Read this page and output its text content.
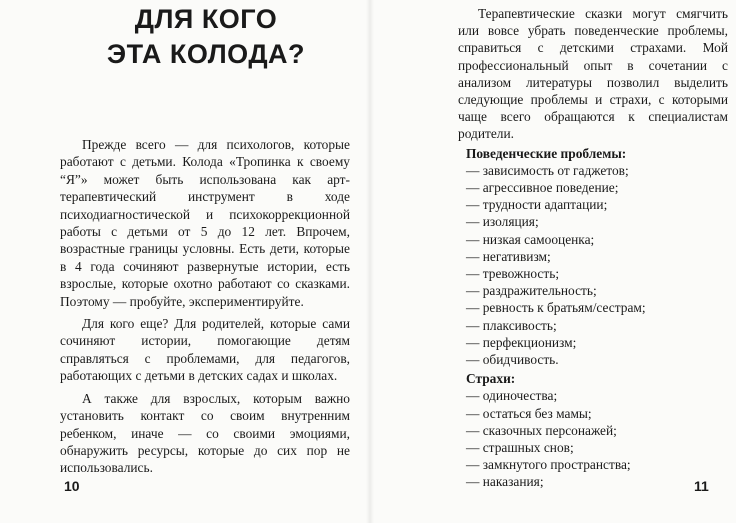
ДЛЯ КОГО
ЭТА КОЛОДА?

Прежде всего — для психологов, которые работают с детьми. Колода «Тропинка к своему “Я”» может быть использована как арт-терапевтический инструмент в ходе психодиагностической и психокоррекционной работы с детьми от 5 до 12 лет. Впрочем, возрастные границы условны. Есть дети, которые в 4 года сочиняют развернутые истории, есть взрослые, которые охотно работают со сказками. Поэтому — пробуйте, экспериментируйте.

Для кого еще? Для родителей, которые сами сочиняют истории, помогающие детям справляться с проблемами, для педагогов, работающих с детьми в детских садах и школах.

А также для взрослых, которым важно установить контакт со своим внутренним ребенком, иначе — со своими эмоциями, обнаружить ресурсы, которые до сих пор не использовались.

10

Терапевтические сказки могут смягчить или вовсе убрать поведенческие проблемы, справиться с детскими страхами. Мой профессиональный опыт в сочетании с анализом литературы позволил выделить следующие проблемы и страхи, с которыми чаще всего обращаются к специалистам родители.

Поведенческие проблемы:

— зависимость от гаджетов;
— агрессивное поведение;
— трудности адаптации;
— изоляция;
— низкая самооценка;
— негативизм;
— тревожность;
— раздражительность;
— ревность к братьям/сестрам;
— плаксивость;
— перфекционизм;
— обидчивость.

Страхи:

— одиночества;
— остаться без мамы;
— сказочных персонажей;
— страшных снов;
— замкнутого пространства;
— наказания;	11
